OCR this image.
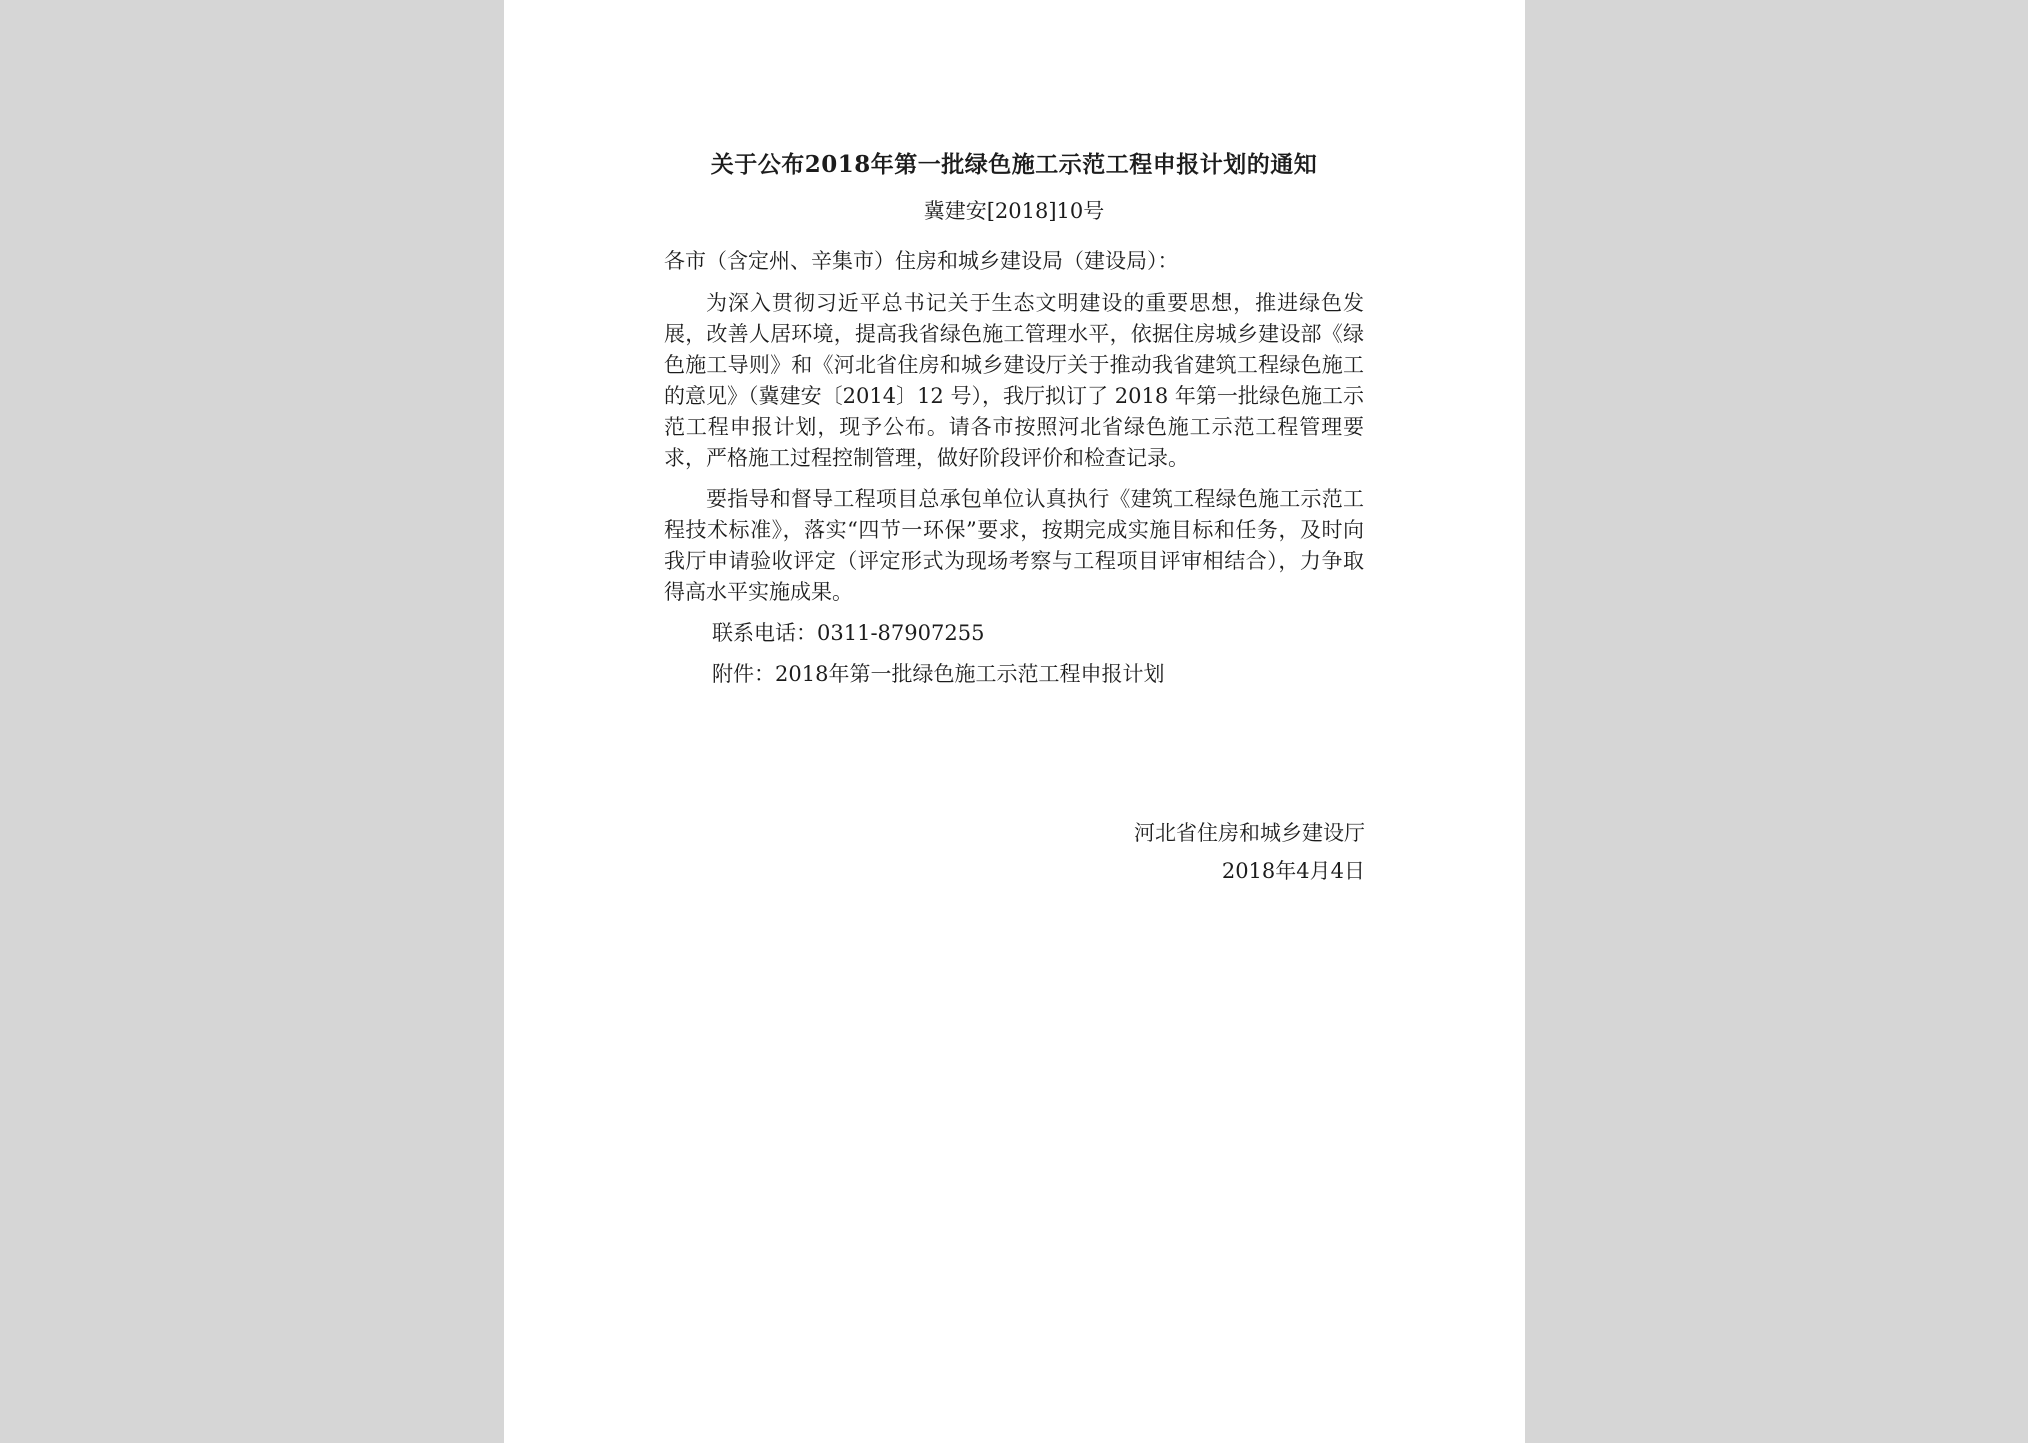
关于公布2018年第一批绿色施工示范工程申报计划的通知

冀建安[2018]10号

各市（含定州、辛集市）住房和城乡建设局（建设局）：

为深入贯彻习近平总书记关于生态文明建设的重要思想，推进绿色发展，改善人居环境，提高我省绿色施工管理水平，依据住房城乡建设部《绿色施工导则》和《河北省住房和城乡建设厅关于推动我省建筑工程绿色施工的意见》（冀建安〔2014〕12 号），我厅拟订了 2018 年第一批绿色施工示范工程申报计划，现予公布。请各市按照河北省绿色施工示范工程管理要求，严格施工过程控制管理，做好阶段评价和检查记录。

要指导和督导工程项目总承包单位认真执行《建筑工程绿色施工示范工程技术标准》，落实“四节一环保”要求，按期完成实施目标和任务，及时向我厅申请验收评定（评定形式为现场考察与工程项目评审相结合），力争取得高水平实施成果。

联系电话：0311-87907255

附件：2018年第一批绿色施工示范工程申报计划

河北省住房和城乡建设厅

2018年4月4日
